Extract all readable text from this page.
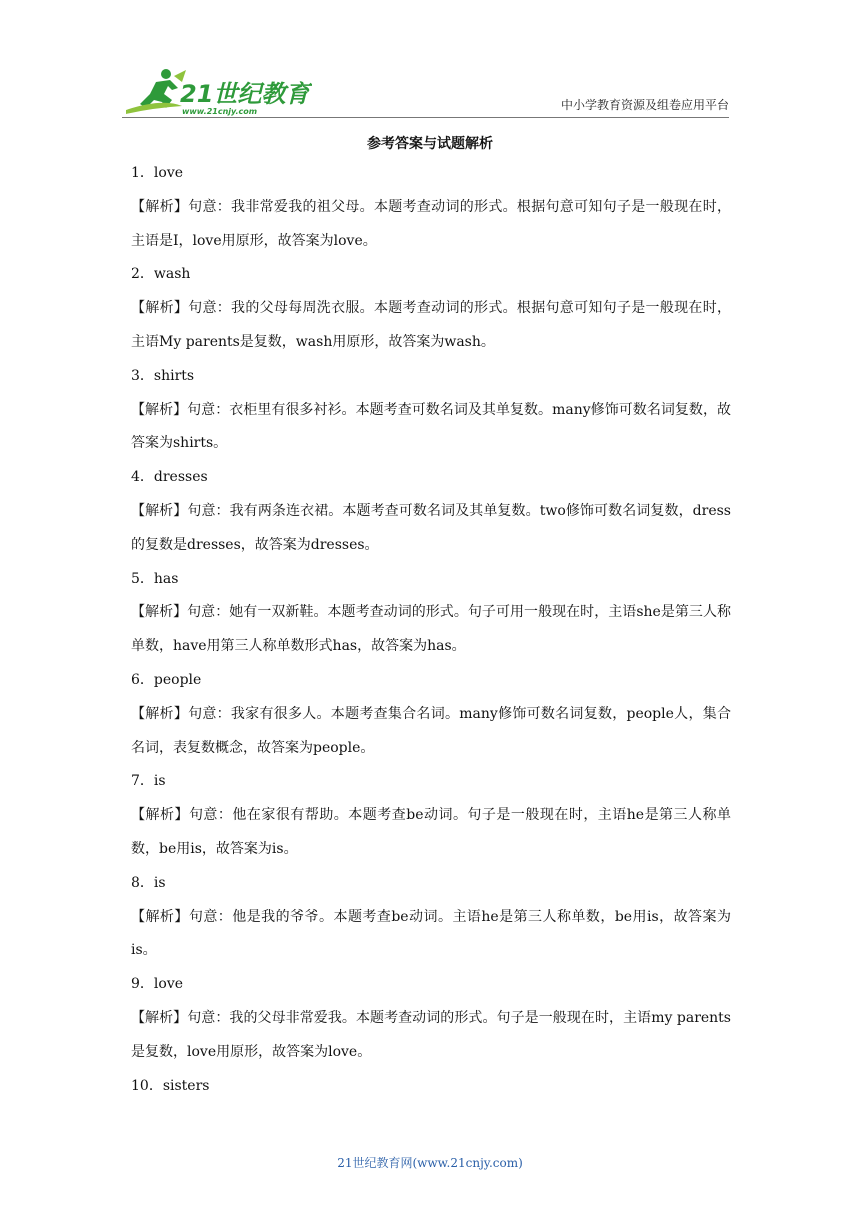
21世纪教育
www.21cnjy.com	中小学教育资源及组卷应用平台
参考答案与试题解析

1．love

【解析】句意：我非常爱我的祖父母。本题考查动词的形式。根据句意可知句子是一般现在时，主语是I，love用原形，故答案为love。

2．wash

【解析】句意：我的父母每周洗衣服。本题考查动词的形式。根据句意可知句子是一般现在时，主语My parents是复数，wash用原形，故答案为wash。

3．shirts

【解析】句意：衣柜里有很多衬衫。本题考查可数名词及其单复数。many修饰可数名词复数，故答案为shirts。

4．dresses

【解析】句意：我有两条连衣裙。本题考查可数名词及其单复数。two修饰可数名词复数，dress的复数是dresses，故答案为dresses。

5．has

【解析】句意：她有一双新鞋。本题考查动词的形式。句子可用一般现在时，主语she是第三人称单数，have用第三人称单数形式has，故答案为has。

6．people

【解析】句意：我家有很多人。本题考查集合名词。many修饰可数名词复数，people人，集合名词，表复数概念，故答案为people。

7．is

【解析】句意：他在家很有帮助。本题考查be动词。句子是一般现在时，主语he是第三人称单数，be用is，故答案为is。

8．is

【解析】句意：他是我的爷爷。本题考查be动词。主语he是第三人称单数，be用is，故答案为is。

9．love

【解析】句意：我的父母非常爱我。本题考查动词的形式。句子是一般现在时，主语my parents是复数，love用原形，故答案为love。

10．sisters

21世纪教育网(www.21cnjy.com)
